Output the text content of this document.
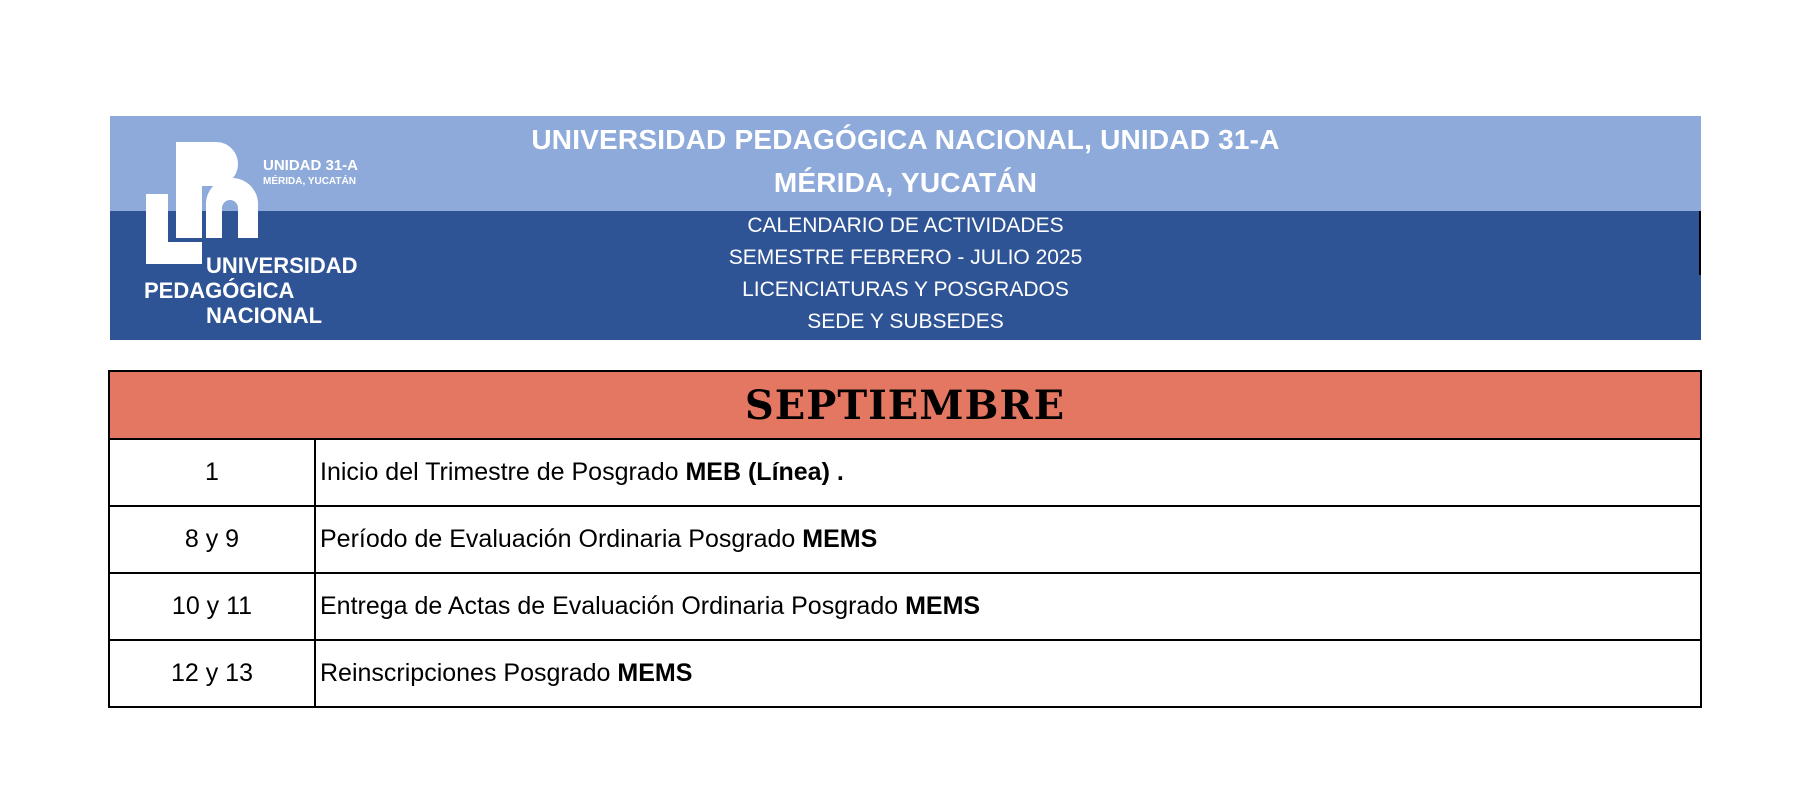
UNIVERSIDAD PEDAGÓGICA NACIONAL, UNIDAD 31-A
MÉRIDA, YUCATÁN
CALENDARIO DE ACTIVIDADES
SEMESTRE FEBRERO - JULIO 2025
LICENCIATURAS Y POSGRADOS
SEDE Y SUBSEDES
UNIDAD 31-A
MÉRIDA, YUCATÁN
UNIVERSIDAD
PEDAGÓGICA
NACIONAL
SEPTIEMBRE	
1	Inicio del Trimestre de Posgrado MEB (Línea) .
8 y 9	Período de Evaluación Ordinaria Posgrado MEMS
10 y 11	Entrega de Actas de Evaluación Ordinaria Posgrado MEMS
12 y 13	Reinscripciones Posgrado MEMS
